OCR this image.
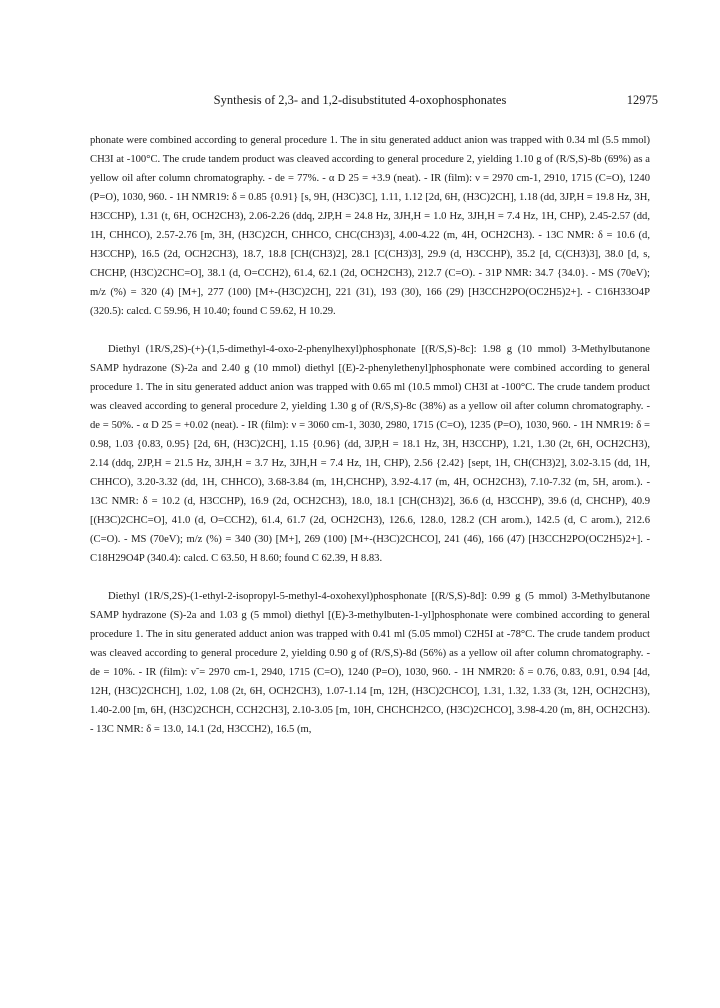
Synthesis of 2,3- and 1,2-disubstituted 4-oxophosphonates	12975

phonate were combined according to general procedure 1. The in situ generated adduct anion was trapped with 0.34 ml (5.5 mmol) CH3I at -100°C. The crude tandem product was cleaved according to general procedure 2, yielding 1.10 g of (R/S,S)-8b (69%) as a yellow oil after column chromatography. - de = 77%. - α D 25 = +3.9 (neat). - IR (film): ν = 2970 cm-1, 2910, 1715 (C=O), 1240 (P=O), 1030, 960. - 1H NMR19: δ = 0.85 {0.91} [s, 9H, (H3C)3C], 1.11, 1.12 [2d, 6H, (H3C)2CH], 1.18 (dd, 3JP,H = 19.8 Hz, 3H, H3CCHP), 1.31 (t, 6H, OCH2CH3), 2.06-2.26 (ddq, 2JP,H = 24.8 Hz, 3JH,H = 1.0 Hz, 3JH,H = 7.4 Hz, 1H, CHP), 2.45-2.57 (dd, 1H, CHHCO), 2.57-2.76 [m, 3H, (H3C)2CH, CHHCO, CHC(CH3)3], 4.00-4.22 (m, 4H, OCH2CH3). - 13C NMR: δ = 10.6 (d, H3CCHP), 16.5 (2d, OCH2CH3), 18.7, 18.8 [CH(CH3)2], 28.1 [C(CH3)3], 29.9 (d, H3CCHP), 35.2 [d, C(CH3)3], 38.0 [d, s, CHCHP, (H3C)2CHC=O], 38.1 (d, O=CCH2), 61.4, 62.1 (2d, OCH2CH3), 212.7 (C=O). - 31P NMR: 34.7 {34.0}. - MS (70eV); m/z (%) = 320 (4) [M+], 277 (100) [M+-(H3C)2CH], 221 (31), 193 (30), 166 (29) [H3CCH2PO(OC2H5)2+]. - C16H33O4P (320.5): calcd. C 59.96, H 10.40; found C 59.62, H 10.29.

Diethyl (1R/S,2S)-(+)-(1,5-dimethyl-4-oxo-2-phenylhexyl)phosphonate [(R/S,S)-8c]: 1.98 g (10 mmol) 3-Methylbutanone SAMP hydrazone (S)-2a and 2.40 g (10 mmol) diethyl [(E)-2-phenylethenyl]phosphonate were combined according to general procedure 1. The in situ generated adduct anion was trapped with 0.65 ml (10.5 mmol) CH3I at -100°C. The crude tandem product was cleaved according to general procedure 2, yielding 1.30 g of (R/S,S)-8c (38%) as a yellow oil after column chromatography. - de = 50%. - α D 25 = +0.02 (neat). - IR (film): ν = 3060 cm-1, 3030, 2980, 1715 (C=O), 1235 (P=O), 1030, 960. - 1H NMR19: δ = 0.98, 1.03 {0.83, 0.95} [2d, 6H, (H3C)2CH], 1.15 {0.96} (dd, 3JP,H = 18.1 Hz, 3H, H3CCHP), 1.21, 1.30 (2t, 6H, OCH2CH3), 2.14 (ddq, 2JP,H = 21.5 Hz, 3JH,H = 3.7 Hz, 3JH,H = 7.4 Hz, 1H, CHP), 2.56 {2.42} [sept, 1H, CH(CH3)2], 3.02-3.15 (dd, 1H, CHHCO), 3.20-3.32 (dd, 1H, CHHCO), 3.68-3.84 (m, 1H,CHCHP), 3.92-4.17 (m, 4H, OCH2CH3), 7.10-7.32 (m, 5H, arom.). - 13C NMR: δ = 10.2 (d, H3CCHP), 16.9 (2d, OCH2CH3), 18.0, 18.1 [CH(CH3)2], 36.6 (d, H3CCHP), 39.6 (d, CHCHP), 40.9 [(H3C)2CHC=O], 41.0 (d, O=CCH2), 61.4, 61.7 (2d, OCH2CH3), 126.6, 128.0, 128.2 (CH arom.), 142.5 (d, C arom.), 212.6 (C=O). - MS (70eV); m/z (%) = 340 (30) [M+], 269 (100) [M+-(H3C)2CHCO], 241 (46), 166 (47) [H3CCH2PO(OC2H5)2+]. - C18H29O4P (340.4): calcd. C 63.50, H 8.60; found C 62.39, H 8.83.

Diethyl (1R/S,2S)-(1-ethyl-2-isopropyl-5-methyl-4-oxohexyl)phosphonate [(R/S,S)-8d]: 0.99 g (5 mmol) 3-Methylbutanone SAMP hydrazone (S)-2a and 1.03 g (5 mmol) diethyl [(E)-3-methylbuten-1-yl]phosphonate were combined according to general procedure 1. The in situ generated adduct anion was trapped with 0.41 ml (5.05 mmol) C2H5I at -78°C. The crude tandem product was cleaved according to general procedure 2, yielding 0.90 g of (R/S,S)-8d (56%) as a yellow oil after column chromatography. - de = 10%. - IR (film): ν̃ = 2970 cm-1, 2940, 1715 (C=O), 1240 (P=O), 1030, 960. - 1H NMR20: δ = 0.76, 0.83, 0.91, 0.94 [4d, 12H, (H3C)2CHCH], 1.02, 1.08 (2t, 6H, OCH2CH3), 1.07-1.14 [m, 12H, (H3C)2CHCO], 1.31, 1.32, 1.33 (3t, 12H, OCH2CH3), 1.40-2.00 [m, 6H, (H3C)2CHCH, CCH2CH3], 2.10-3.05 [m, 10H, CHCHCH2CO, (H3C)2CHCO], 3.98-4.20 (m, 8H, OCH2CH3). - 13C NMR: δ = 13.0, 14.1 (2d, H3CCH2), 16.5 (m,
